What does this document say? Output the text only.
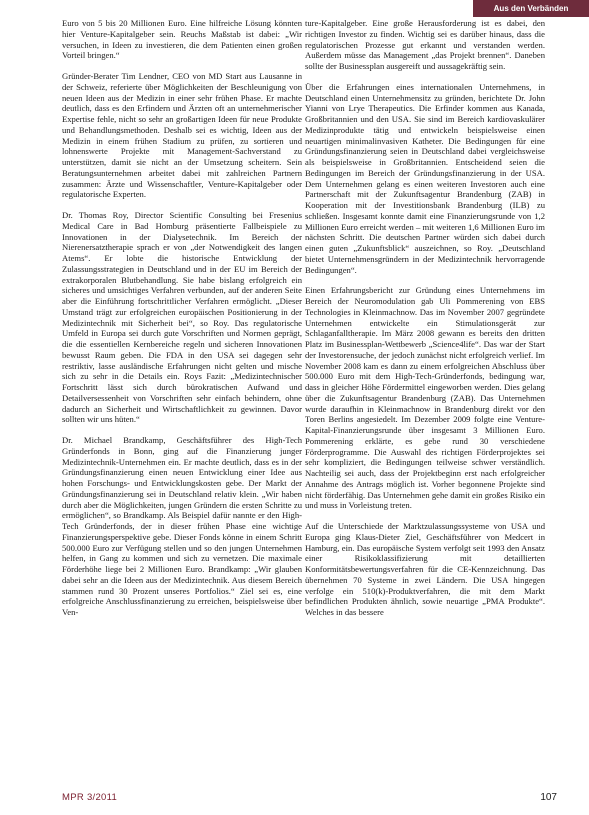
Aus den Verbänden

Euro von 5 bis 20 Millionen Euro. Eine hilfreiche Lösung könnten hier Venture-Kapitalgeber sein. Reuchs Maßstab ist dabei: „Wir versuchen, in Ideen zu investieren, die dem Patienten einen großen Vorteil bringen.“

Gründer-Berater Tim Lendner, CEO von MD Start aus Lausanne in der Schweiz, referierte über Möglichkeiten der Beschleunigung von neuen Ideen aus der Medizin in einer sehr frühen Phase. Er machte deutlich, dass es den Erfindern und Ärzten oft an unternehmerischer Expertise fehle, nicht so sehr an großartigen Ideen für neue Produkte und Behandlungsmethoden. Deshalb sei es wichtig, Ideen aus der Medizin in einem frühen Stadium zu prüfen, zu sortieren und lohnenswerte Projekte mit Management-Sachverstand zu unterstützen, damit sie nicht an der Umsetzung scheitern. Sein Beratungsunternehmen arbeitet dabei mit zahlreichen Partnern zusammen: Ärzte und Wissenschaftler, Venture-Kapitalgeber oder regulatorische Experten.

Dr. Thomas Roy, Director Scientific Consulting bei Fresenius Medical Care in Bad Homburg präsentierte Fallbeispiele zu Innovationen in der Dialysetechnik. Im Bereich der Nierenersatztherapie sprach er von „der Notwendigkeit des langen Atems“. Er lobte die historische Entwicklung der Zulassungsstrategien in Deutschland und in der EU im Bereich der extrakorporalen Blutbehandlung. Sie habe bislang erfolgreich ein sicheres und umsichtiges Verfahren verbunden, auf der anderen Seite aber die Einführung fortschrittlicher Verfahren ermöglicht. „Dieser Umstand trägt zur erfolgreichen europäischen Positionierung in der Medizintechnik mit Sicherheit bei“, so Roy. Das regulatorische Umfeld in Europa sei durch gute Vorschriften und Normen geprägt, die die essentiellen Kernbereiche regeln und sicheren Innovationen bewusst Raum geben. Die FDA in den USA sei dagegen sehr restriktiv, lasse ausländische Erfahrungen nicht gelten und mische sich zu sehr in die Details ein. Roys Fazit: „Medizintechnischer Fortschritt lässt sich durch bürokratischen Aufwand und Detailversessenheit von Vorschriften sehr einfach behindern, ohne dadurch an Sicherheit und Wirtschaftlichkeit zu gewinnen. Davor sollten wir uns hüten.“

Dr. Michael Brandkamp, Geschäftsführer des High-Tech Gründerfonds in Bonn, ging auf die Finanzierung junger Medizintechnik-Unternehmen ein. Er machte deutlich, dass es in der Gründungsfinanzierung einen neuen Entwicklung einer Idee aus hohen Forschungs- und Entwicklungskosten gebe. Der Markt der Gründungsfinanzierung sei in Deutschland relativ klein. „Wir haben durch aber die Möglichkeiten, jungen Gründern die ersten Schritte zu ermöglichen“, so Brandkamp. Als Beispiel dafür nannte er den High-Tech Gründerfonds, der in dieser frühen Phase eine wichtige Finanzierungsperspektive gebe. Dieser Fonds könne in einem Schritt 500.000 Euro zur Verfügung stellen und so den jungen Unternehmen helfen, in Gang zu kommen und sich zu vernetzen. Die maximale Förderhöhe liege bei 2 Millionen Euro. Brandkamp: „Wir glauben dabei sehr an die Ideen aus der Medizintechnik. Aus diesem Bereich stammen rund 30 Prozent unseres Portfolios.“ Ziel sei es, eine erfolgreiche Anschlussfinanzierung zu erreichen, beispielsweise über Ven-

ture-Kapitalgeber. Eine große Herausforderung ist es dabei, den richtigen Investor zu finden. Wichtig sei es darüber hinaus, dass die regulatorischen Prozesse gut erkannt und verstanden werden. Außerdem müsse das Management „das Projekt brennen“. Daneben sollte der Businessplan ausgereift und aussagekräftig sein.

Über die Erfahrungen eines internationalen Unternehmens, in Deutschland einen Unternehmensitz zu gründen, berichtete Dr. John Yianni von Lrye Therapeutics. Die Erfinder kommen aus Kanada, Großbritannien und den USA. Sie sind im Bereich kardiovaskulärer Medizinprodukte tätig und entwickeln beispielsweise einen neuartigen minimalinvasiven Katheter. Die Bedingungen für eine Gründungsfinanzierung seien in Deutschland dabei vergleichsweise als beispielsweise in Großbritannien. Entscheidend seien die Bedingungen im Bereich der Gründungsfinanzierung in der USA. Dem Unternehmen gelang es einen weiteren Investoren auch eine Partnerschaft mit der Zukunftsagentur Brandenburg (ZAB) in Kooperation mit der Investitionsbank Brandenburg (ILB) zu schließen. Insgesamt konnte damit eine Finanzierungsrunde von 1,2 Millionen Euro erreicht werden – mit weiteren 1,6 Millionen Euro im nächsten Schritt. Die deutschen Partner würden sich dabei durch einen guten „Zukunftsblick“ auszeichnen, so Roy. „Deutschland bietet Unternehmensgründern in der Medizintechnik hervorragende Bedingungen“.

Einen Erfahrungsbericht zur Gründung eines Unternehmens im Bereich der Neuromodulation gab Uli Pommerening von EBS Technologies in Kleinmachnow. Das im November 2007 gegründete Unternehmen entwickelte ein Stimulationsgerät zur Schlaganfalltherapie. Im März 2008 gewann es bereits den dritten Platz im Businessplan-Wettbewerb „Science4life“. Das war der Start der Investorensuche, der jedoch zunächst nicht erfolgreich verlief. Im November 2008 kam es dann zu einem erfolgreichen Abschluss über 500.000 Euro mit dem High-Tech-Gründerfonds, bedingung war, dass in gleicher Höhe Fördermittel eingeworben werden. Dies gelang über die Zukunftsagentur Brandenburg (ZAB). Das Unternehmen wurde daraufhin in Kleinmachnow in Brandenburg direkt vor den Toren Berlins angesiedelt. Im Dezember 2009 folgte eine Venture-Kapital-Finanzierungsrunde über insgesamt 3 Millionen Euro. Pommerening erklärte, es gebe rund 30 verschiedene Förderprogramme. Die Auswahl des richtigen Förderprojektes sei sehr kompliziert, die Bedingungen teilweise schwer verständlich. Nachteilig sei auch, dass der Projektbeginn erst nach erfolgreicher Annahme des Antrags möglich ist. Vorher begonnene Projekte sind nicht förderfähig. Das Unternehmen gehe damit ein großes Risiko ein und muss in Vorleistung treten.

Auf die Unterschiede der Marktzulassungssysteme von USA und Europa ging Klaus-Dieter Ziel, Geschäftsführer von Medcert in Hamburg, ein. Das europäische System verfolgt seit 1993 den Ansatz einer Risikoklassifizierung mit detaillierten Konformitätsbewertungsverfahren für die CE-Kennzeichnung. Das übernehmen 70 Systeme in zwei Ländern. Die USA hingegen verfolge ein 510(k)-Produktverfahren, die mit dem Markt befindlichen Produkten ähnlich, sowie neuartige „PMA Produkte“. Welches in das bessere

MPR 3/2011	107
